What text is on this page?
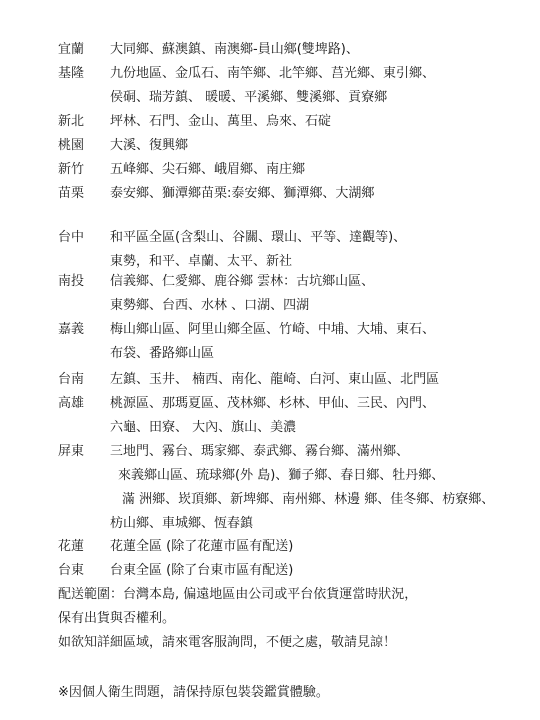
宜蘭	大同鄉、蘇澳鎮、南澳鄉-員山鄉(雙埤路)、
基隆	九份地區、金瓜石、南竿鄉、北竿鄉、莒光鄉、東引鄉、
侯硐、瑞芳鎮、 暖暖、平溪鄉、雙溪鄉、貢寮鄉
新北	坪林、石門、金山、萬里、烏來、石碇
桃園	大溪、復興鄉
新竹	五峰鄉、尖石鄉、峨眉鄉、南庄鄉
苗栗	泰安鄉、獅潭鄉苗栗:泰安鄉、獅潭鄉、大湖鄉
台中	和平區全區(含梨山、谷關、環山、平等、達觀等)、
東勢，和平、卓蘭、太平、新社
南投	信義鄉、仁愛鄉、鹿谷鄉 雲林：古坑鄉山區、
東勢鄉、台西、水林 、口湖、四湖
嘉義	梅山鄉山區、阿里山鄉全區、竹崎、中埔、大埔、東石、
布袋、番路鄉山區
台南	左鎮、玉井、 楠西、南化、龍崎、白河、東山區、北門區
高雄	桃源區、那瑪夏區、茂林鄉、杉林、甲仙、三民、內門、
六龜、田寮、 大內、旗山、美濃
屏東	三地門、霧台、瑪家鄉、泰武鄉、霧台鄉、滿州鄉、
來義鄉山區、琉球鄉(外 島)、獅子鄉、春日鄉、牡丹鄉、
滿 洲鄉、崁頂鄉、新埤鄉、南州鄉、林邊 鄉、佳冬鄉、枋寮鄉、
枋山鄉、車城鄉、恆春鎮
花蓮	花蓮全區 (除了花蓮市區有配送)
台東	台東全區 (除了台東市區有配送)
配送範圍：台灣本島, 偏遠地區由公司或平台依貨運當時狀況，
保有出貨與否權利。
如欲知詳細區域，請來電客服詢問，不便之處，敬請見諒！
※因個人衛生問題，請保持原包裝袋鑑賞體驗。
